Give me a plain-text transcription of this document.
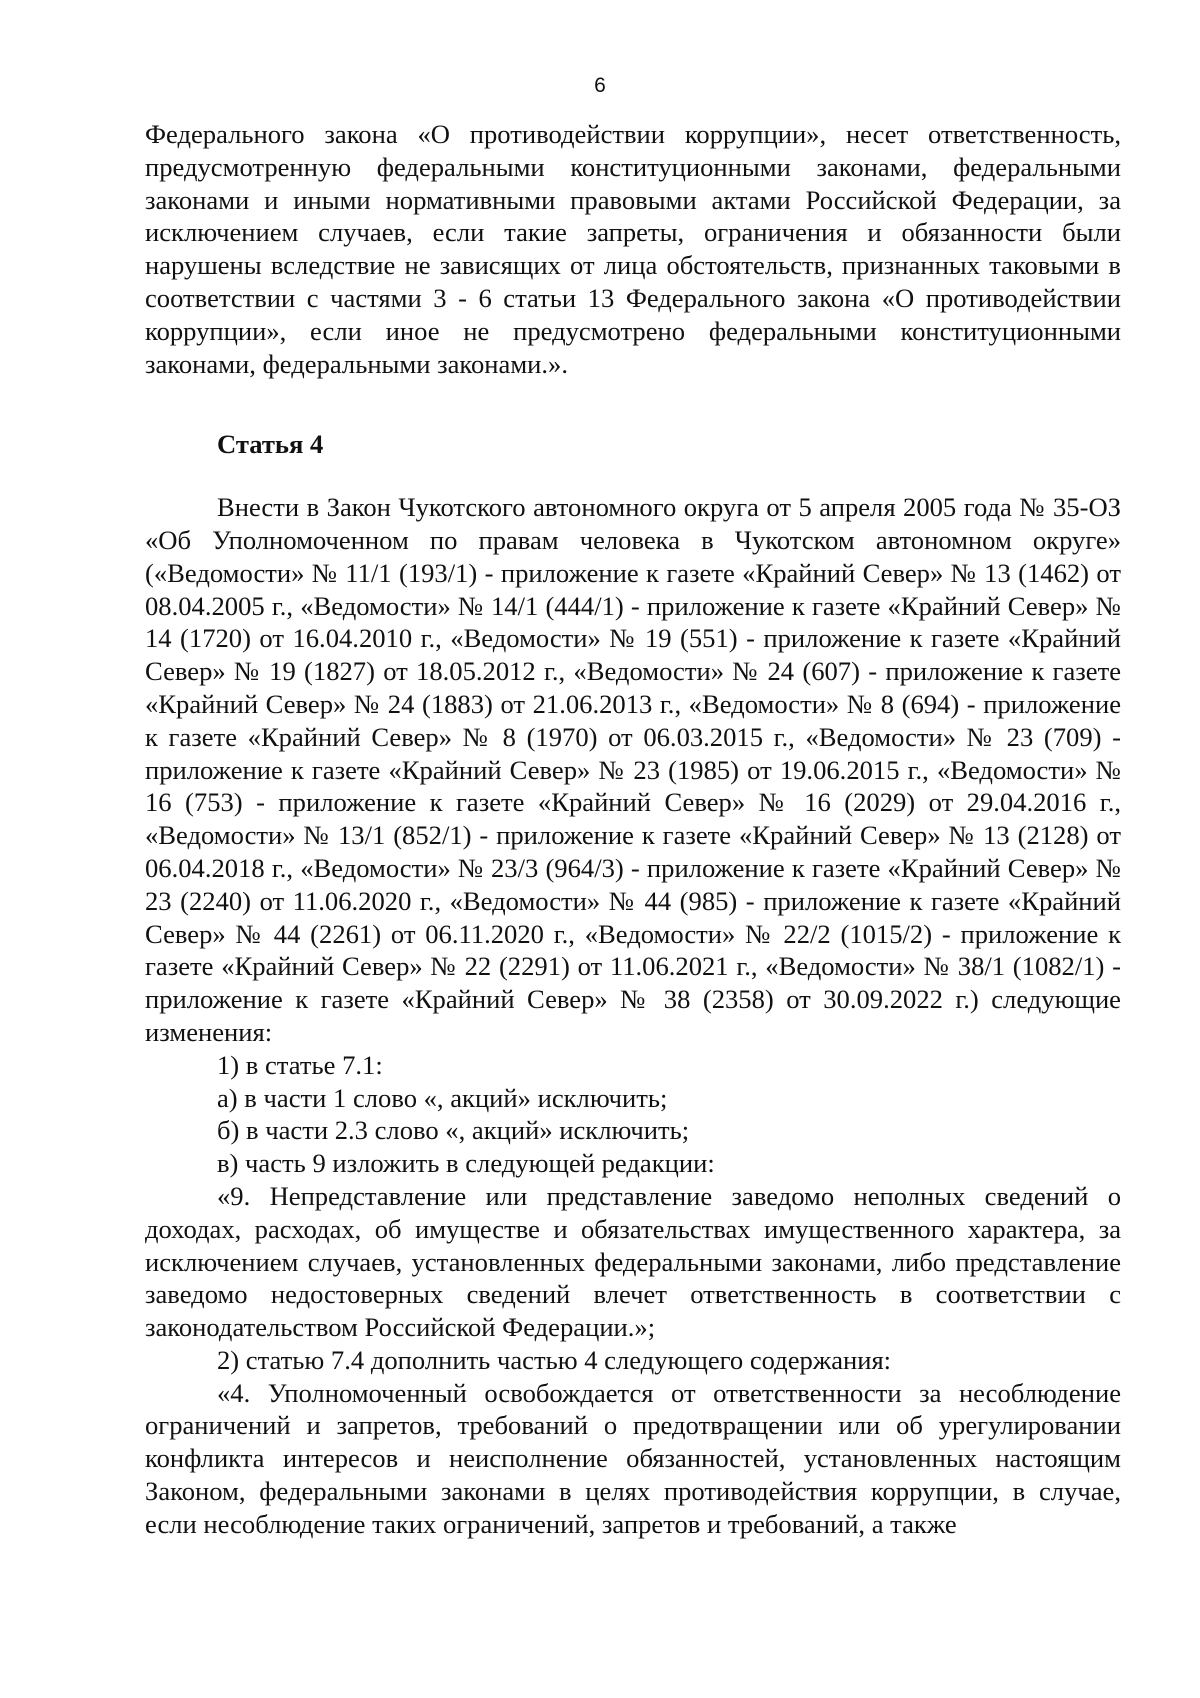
6

Федерального закона «О противодействии коррупции», несет ответственность, предусмотренную федеральными конституционными законами, федеральными законами и иными нормативными правовыми актами Российской Федерации, за исключением случаев, если такие запреты, ограничения и обязанности были нарушены вследствие не зависящих от лица обстоятельств, признанных таковыми в соответствии с частями 3 - 6 статьи 13 Федерального закона «О противодействии коррупции», если иное не предусмотрено федеральными конституционными законами, федеральными законами.».

Статья 4

Внести в Закон Чукотского автономного округа от 5 апреля 2005 года № 35-ОЗ «Об Уполномоченном по правам человека в Чукотском автономном округе» («Ведомости» № 11/1 (193/1) - приложение к газете «Крайний Север» № 13 (1462) от 08.04.2005 г., «Ведомости» № 14/1 (444/1) - приложение к газете «Крайний Север» № 14 (1720) от 16.04.2010 г., «Ведомости» № 19 (551) - приложение к газете «Крайний Север» № 19 (1827) от 18.05.2012 г., «Ведомости» № 24 (607) - приложение к газете «Крайний Север» № 24 (1883) от 21.06.2013 г., «Ведомости» № 8 (694) - приложение к газете «Крайний Север» № 8 (1970) от 06.03.2015 г., «Ведомости» № 23 (709) - приложение к газете «Крайний Север» № 23 (1985) от 19.06.2015 г., «Ведомости» № 16 (753) - приложение к газете «Крайний Север» № 16 (2029) от 29.04.2016 г., «Ведомости» № 13/1 (852/1) - приложение к газете «Крайний Север» № 13 (2128) от 06.04.2018 г., «Ведомости» № 23/3 (964/3) - приложение к газете «Крайний Север» № 23 (2240) от 11.06.2020 г., «Ведомости» № 44 (985) - приложение к газете «Крайний Север» № 44 (2261) от 06.11.2020 г., «Ведомости» № 22/2 (1015/2) - приложение к газете «Крайний Север» № 22 (2291) от 11.06.2021 г., «Ведомости» № 38/1 (1082/1) - приложение к газете «Крайний Север» № 38 (2358) от 30.09.2022 г.) следующие изменения:

1) в статье 7.1:

а) в части 1 слово «, акций» исключить;

б) в части 2.3 слово «, акций» исключить;

в) часть 9 изложить в следующей редакции:

«9. Непредставление или представление заведомо неполных сведений о доходах, расходах, об имуществе и обязательствах имущественного характера, за исключением случаев, установленных федеральными законами, либо представление заведомо недостоверных сведений влечет ответственность в соответствии с законодательством Российской Федерации.»;

2) статью 7.4 дополнить частью 4 следующего содержания:

«4. Уполномоченный освобождается от ответственности за несоблюдение ограничений и запретов, требований о предотвращении или об урегулировании конфликта интересов и неисполнение обязанностей, установленных настоящим Законом, федеральными законами в целях противодействия коррупции, в случае, если несоблюдение таких ограничений, запретов и требований, а также
